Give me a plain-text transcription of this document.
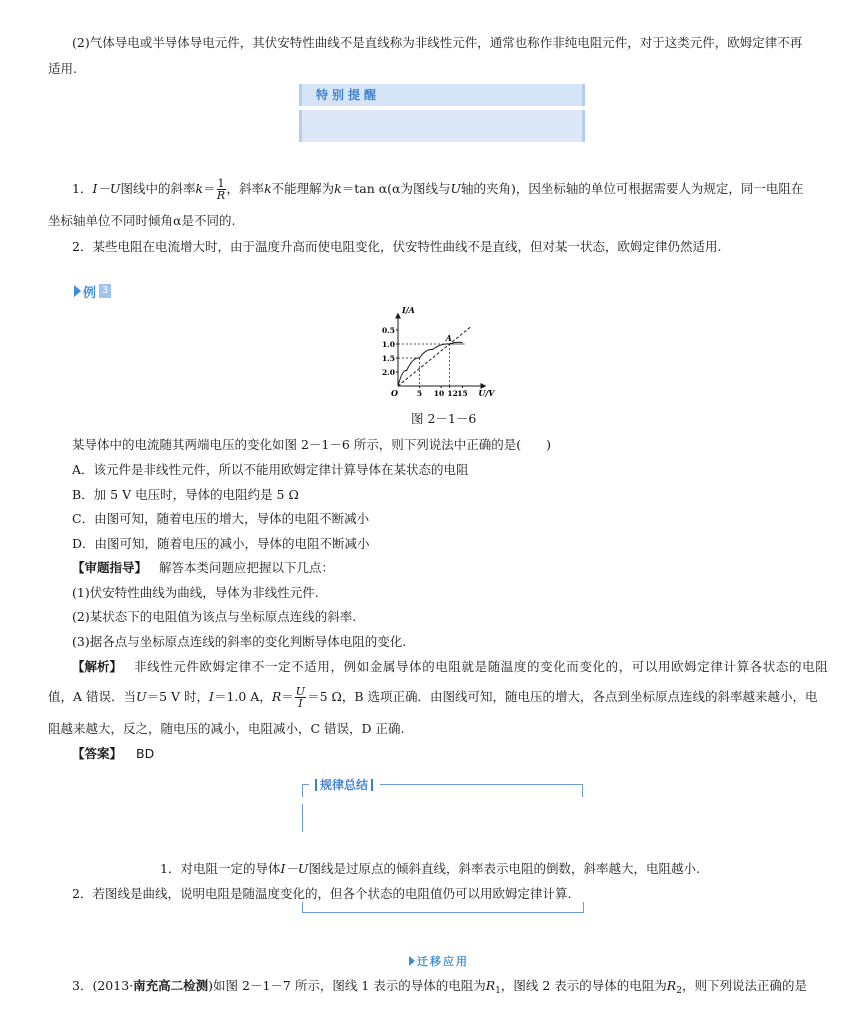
(2)气体导电或半导体导电元件，其伏安特性曲线不是直线称为非线性元件，通常也称作非纯电阻元件，对于这类元件，欧姆定律不再
适用.
特别提醒
1．I－U图线中的斜率$k= \frac{1}{R}$ ，斜率k不能理解为k＝tan α(α为图线与U轴的夹角)，因坐标轴的单位可根据需要人为规定，同一电阻在
坐标轴单位不同时倾角α是不同的.
2．某些电阻在电流增大时，由于温度升高而使电阻变化，伏安特性曲线不是直线，但对某一状态，欧姆定律仍然适用.
例 3
I/A
U/V
O
2.0
1.5
1.0
0.5
5 10 12 15
A
图 2－1－6
某导体中的电流随其两端电压的变化如图 2－1－6 所示，则下列说法中正确的是(　　)
A．该元件是非线性元件，所以不能用欧姆定律计算导体在某状态的电阻
B．加 5 V 电压时，导体的电阻约是 5 Ω
C．由图可知，随着电压的增大，导体的电阻不断减小
D．由图可知，随着电压的减小，导体的电阻不断减小
【审题指导】 解答本类问题应把握以下几点：
(1)伏安特性曲线为曲线，导体为非线性元件.
(2)某状态下的电阻值为该点与坐标原点连线的斜率.
(3)据各点与坐标原点连线的斜率的变化判断导体电阻的变化.
【解析】 非线性元件欧姆定律不一定不适用，例如金属导体的电阻就是随温度的变化而变化的，可以用欧姆定律计算各状态的电阻
值，A 错误．当U＝5 V 时，I＝1.0 A，$R= \frac{U}{I} =5$ Ω，B 选项正确．由图线可知，随电压的增大，各点到坐标原点连线的斜率越来越小，电
阻越来越大，反之，随电压的减小，电阻减小，C 错误，D 正确.
【答案】 BD
规律总结
1．对电阻一定的导体I－U图线是过原点的倾斜直线，斜率表示电阻的倒数，斜率越大，电阻越小.
2．若图线是曲线，说明电阻是随温度变化的，但各个状态的电阻值仍可以用欧姆定律计算.
迁移应用
3．(2013·南充高二检测)如图 2－1－7 所示，图线 1 表示的导体的电阻为$R_1$，图线 2 表示的导体的电阻为$R_2$，则下列说法正确的是
